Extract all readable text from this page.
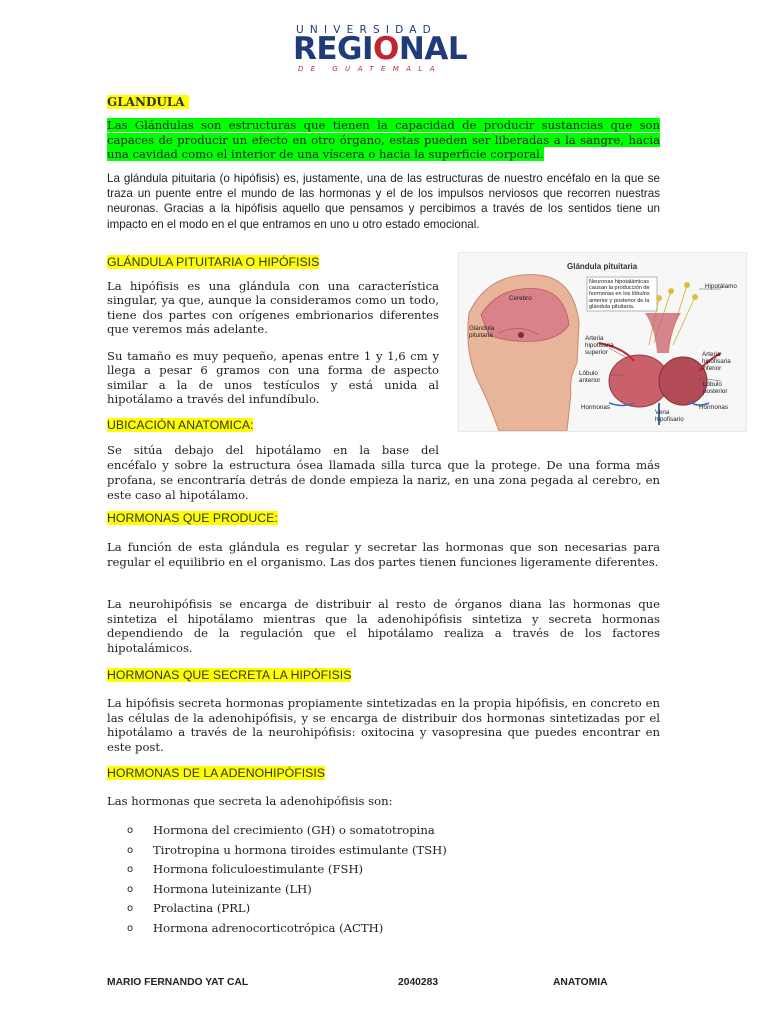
UNIVERSIDAD
REGIONAL
DE GUATEMALA
GLANDULA
Las Glándulas son estructuras que tienen la capacidad de producir sustancias que son capaces de producir un efecto en otro órgano, estas pueden ser liberadas a la sangre, hacia una cavidad como el interior de una víscera o hacia la superficie corporal.
La glándula pituitaria (o hipófisis) es, justamente, una de las estructuras de nuestro encéfalo en la que se traza un puente entre el mundo de las hormonas y el de los impulsos nerviosos que recorren nuestras neuronas. Gracias a la hipófisis aquello que pensamos y percibimos a través de los sentidos tiene un impacto en el modo en el que entramos en uno u otro estado emocional.
GLÁNDULA PITUITARIA O HIPÓFISIS
La hipófisis es una glándula con una característica singular, ya que, aunque la consideramos como un todo, tiene dos partes con orígenes embrionarios diferentes que veremos más adelante.
Su tamaño es muy pequeño, apenas entre 1 y 1,6 cm y llega a pesar 6 gramos con una forma de aspecto similar a la de unos testículos y está unida al hipotálamo a través del infundíbulo.
Glándula pituitaria
Cerebro
Glándula pituitaria
Neuronas hipotalámicas causan la producción de hormonas en los lóbulos anterior y posterior de la glándula pituitaria.
Hipotálamo
Arteria hipofisaria superior	Arteria hipofisaria inferior
Lóbulo anterior
Lóbulo posterior
Hormonas	Hormonas
Vena hipofisario
UBICACIÓN ANATOMICA:
Se sitúa debajo del hipotálamo en la base del
encéfalo y sobre la estructura ósea llamada silla turca que la protege. De una forma más profana, se encontraría detrás de donde empieza la nariz, en una zona pegada al cerebro, en este caso al hipotálamo.
HORMONAS QUE PRODUCE:
La función de esta glándula es regular y secretar las hormonas que son necesarias para regular el equilibrio en el organismo. Las dos partes tienen funciones ligeramente diferentes.
La neurohipófisis se encarga de distribuir al resto de órganos diana las hormonas que sintetiza el hipotálamo mientras que la adenohipófisis sintetiza y secreta hormonas dependiendo de la regulación que el hipotálamo realiza a través de los factores hipotalámicos.
HORMONAS QUE SECRETA LA HIPÓFISIS
La hipófisis secreta hormonas propiamente sintetizadas en la propia hipófisis, en concreto en las células de la adenohipófisis, y se encarga de distribuir dos hormonas sintetizadas por el hipotálamo a través de la neurohipófisis: oxitocina y vasopresina que puedes encontrar en este post.
HORMONAS DE LA ADENOHIPÓFISIS
Las hormonas que secreta la adenohipófisis son:
o Hormona del crecimiento (GH) o somatotropina
o Tirotropina u hormona tiroides estimulante (TSH)
o Hormona foliculoestimulante (FSH)
o Hormona luteinizante (LH)
o Prolactina (PRL)
o Hormona adrenocorticotrópica (ACTH)
MARIO FERNANDO YAT CAL	2040283	ANATOMIA
